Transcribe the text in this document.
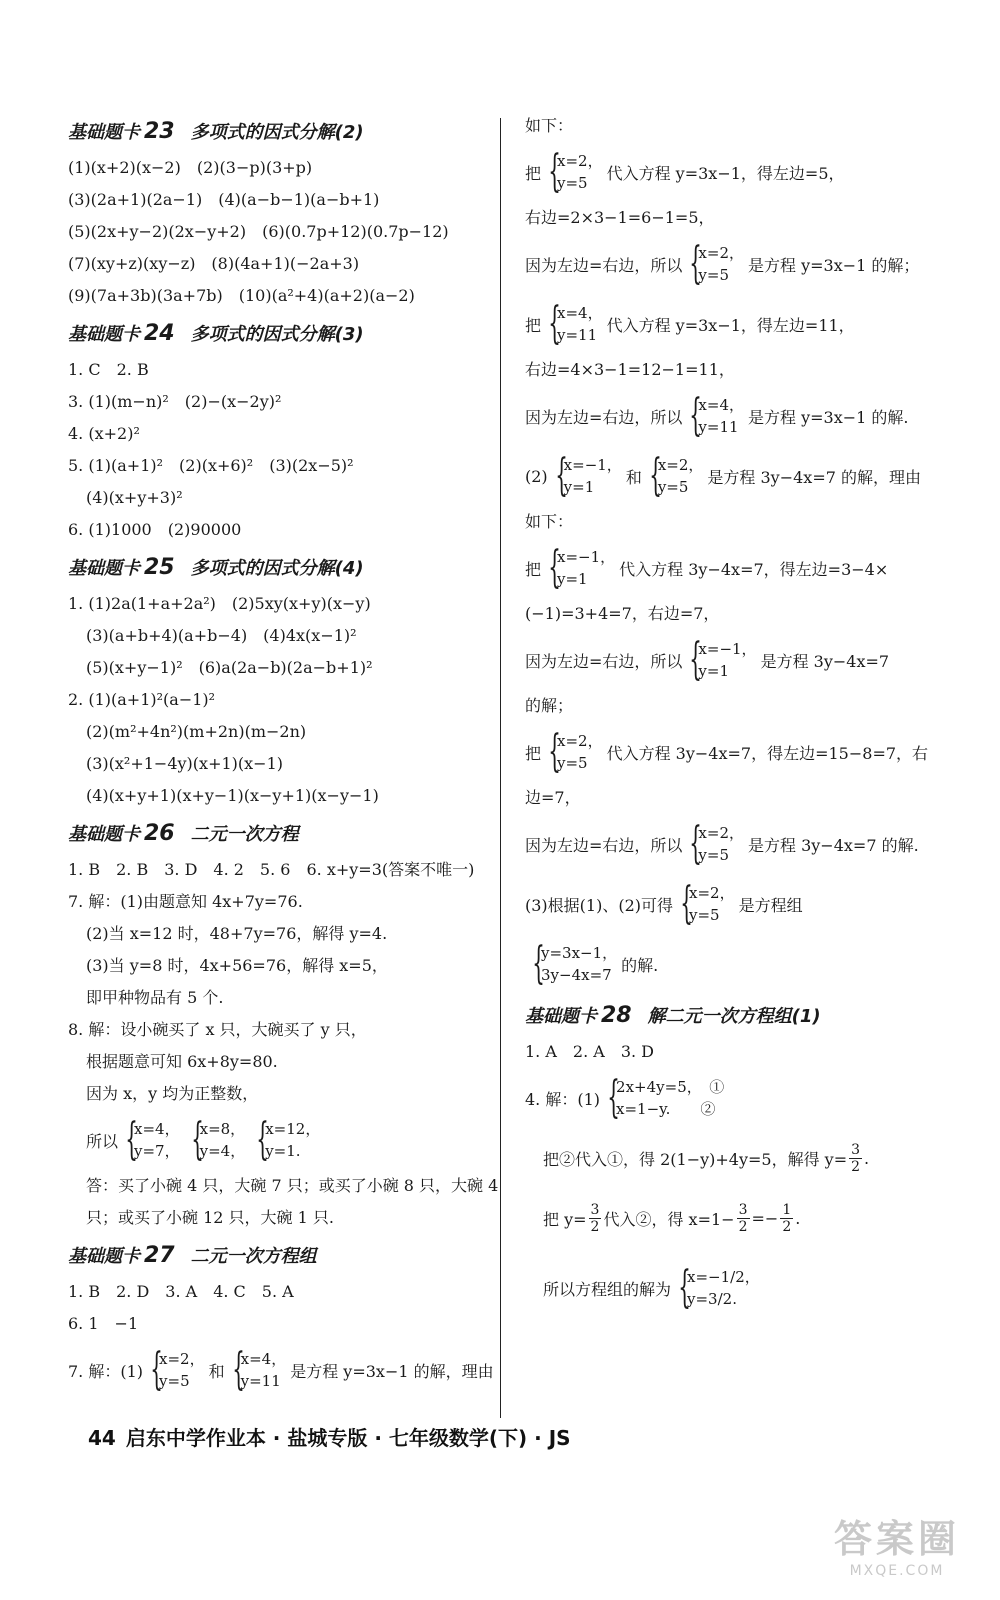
基础题卡 23 多项式的因式分解(2)
(1)(x+2)(x−2)　(2)(3−p)(3+p)
(3)(2a+1)(2a−1)　(4)(a−b−1)(a−b+1)
(5)(2x+y−2)(2x−y+2)　(6)(0.7p+12)(0.7p−12)
(7)(xy+z)(xy−z)　(8)(4a+1)(−2a+3)
(9)(7a+3b)(3a+7b)　(10)(a²+4)(a+2)(a−2)
基础题卡 24 多项式的因式分解(3)
1. C　2. B
3. (1)(m−n)²　(2)−(x−2y)²
4. (x+2)²
5. (1)(a+1)²　(2)(x+6)²　(3)(2x−5)²
(4)(x+y+3)²
6. (1)1000　(2)90000
基础题卡 25 多项式的因式分解(4)
1. (1)2a(1+a+2a²)　(2)5xy(x+y)(x−y)
(3)(a+b+4)(a+b−4)　(4)4x(x−1)²
(5)(x+y−1)²　(6)a(2a−b)(2a−b+1)²
2. (1)(a+1)²(a−1)²
(2)(m²+4n²)(m+2n)(m−2n)
(3)(x²+1−4y)(x+1)(x−1)
(4)(x+y+1)(x+y−1)(x−y+1)(x−y−1)
基础题卡 26 二元一次方程
1. B　2. B　3. D　4. 2　5. 6　6. x+y=3(答案不唯一)
7. 解：(1)由题意知 4x+7y=76.
(2)当 x=12 时，48+7y=76，解得 y=4.
(3)当 y=8 时，4x+56=76，解得 x=5，
即甲种物品有 5 个.
8. 解：设小碗买了 x 只，大碗买了 y 只，
根据题意可知 6x+8y=80.
因为 x，y 均为正整数，
所以 {
x=4，
y=7， {
x=8，
y=4， {
x=12，
y=1.
答：买了小碗 4 只，大碗 7 只；或买了小碗 8 只，大碗 4
只；或买了小碗 12 只，大碗 1 只.
基础题卡 27 二元一次方程组
1. B　2. D　3. A　4. C　5. A
6. 1　−1
7. 解：(1) {
x=2，
y=5
和 {
x=4，
y=11
是方程 y=3x−1 的解，理由
如下：
把 {
x=2，
y=5
代入方程 y=3x−1，得左边=5，
右边=2×3−1=6−1=5，
因为左边=右边，所以 {
x=2，
y=5
是方程 y=3x−1 的解；
把 {
x=4，
y=11
代入方程 y=3x−1，得左边=11，
右边=4×3−1=12−1=11，
因为左边=右边，所以 {
x=4，
y=11
是方程 y=3x−1 的解.
(2) {
x=−1，
y=1
和 {
x=2，
y=5
是方程 3y−4x=7 的解，理由
如下：
把 {
x=−1，
y=1
代入方程 3y−4x=7，得左边=3−4×
(−1)=3+4=7，右边=7，
因为左边=右边，所以 {
x=−1，
y=1
是方程 3y−4x=7
的解；
把 {
x=2，
y=5
代入方程 3y−4x=7，得左边=15−8=7，右
边=7，
因为左边=右边，所以 {
x=2，
y=5
是方程 3y−4x=7 的解.
(3)根据(1)、(2)可得 {
x=2，
y=5
是方程组
{
y=3x−1，
3y−4x=7
的解.
基础题卡 28 解二元一次方程组(1)
1. A　2. A　3. D
4. 解：(1) {
2x+4y=5，　①
x=1−y.　　②
把②代入①，得 2(1−y)+4y=5，解得 $y= \frac{3}{2}$ .
把 $y= \frac{3}{2}$ 代入②，得 $x=1- \frac{3}{2} =- \frac{1}{2}$ .
所以方程组的解为 {
x=−1/2，
y=3/2.
44 启东中学作业本 · 盐城专版 · 七年级数学(下) · JS
答案圈
MXQE.COM
